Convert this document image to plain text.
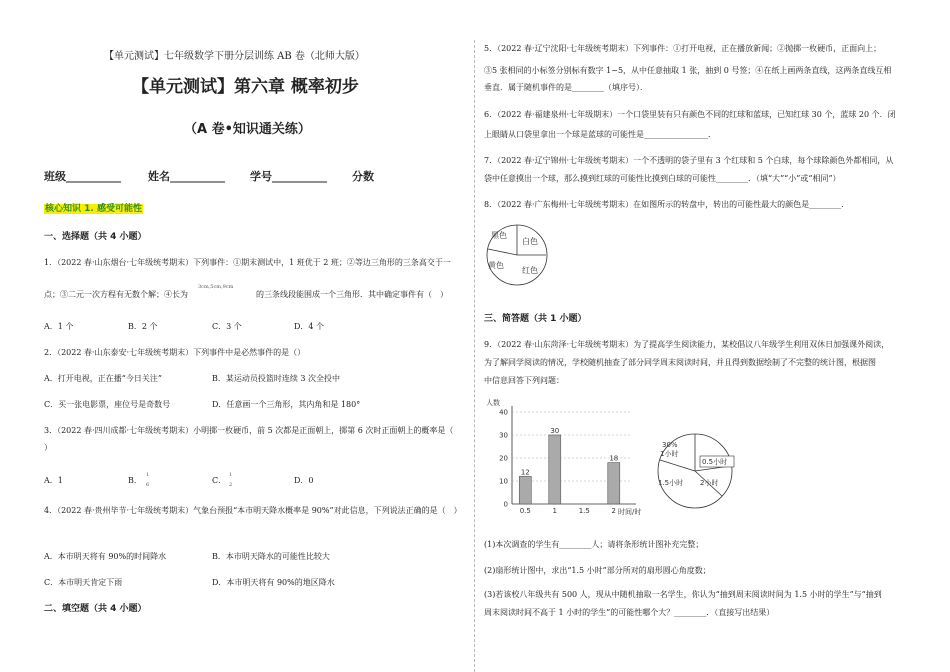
【单元测试】七年级数学下册分层训练 AB 卷（北师大版）
【单元测试】第六章 概率初步
（A 卷•知识通关练）
班级__________ 姓名__________ 学号__________ 分数
核心知识 1. 感受可能性
一、选择题（共 4 小题）
1．（2022 春·山东烟台·七年级统考期末）下列事件：①期末测试中，1 班优于 2 班；②等边三角形的三条高交于一
3cm,5cm,9cm
点；③二元一次方程有无数个解；④长为	的三条线段能围成一个三角形．其中确定事件有（　）
A．1 个	B．2 个	C．3 个	D．4 个
2．（2022 春·山东泰安·七年级统考期末）下列事件中是必然事件的是（）
A．打开电视，正在播“今日关注”	B．某运动员投篮时连续 3 次全投中
C．买一张电影票，座位号是奇数号	D．任意画一个三角形，其内角和是 180°
3．（2022 春·四川成都·七年级统考期末）小明掷一枚硬币，前 5 次都是正面朝上，掷第 6 次时正面朝上的概率是（
）
A．1	B．
1
6	C．
1
2	D．0
4．（2022 春·贵州毕节·七年级统考期末）气象台预报“本市明天降水概率是 90%”对此信息，下列说法正确的是（　）
A．本市明天将有 90%的时间降水	B．本市明天降水的可能性比较大
C．本市明天肯定下雨	D．本市明天将有 90%的地区降水
二、填空题（共 4 小题）
5．（2022 春·辽宁沈阳·七年级统考期末）下列事件：①打开电视，正在播放新闻；②抛掷一枚硬币，正面向上；
③5 张相同的小标签分别标有数字 1~5，从中任意抽取 1 张，抽到 0 号签；④在纸上画两条直线，这两条直线互相
垂直．属于随机事件的是________（填序号）．
6．（2022 春·福建泉州·七年级期末）一个口袋里装有只有颜色不同的红球和蓝球，已知红球 30 个，蓝球 20 个．闭
上眼睛从口袋里拿出一个球是蓝球的可能性是________________．
7．（2022 春·辽宁锦州·七年级统考期末）一个不透明的袋子里有 3 个红球和 5 个白球，每个球除颜色外都相同，从
袋中任意摸出一个球，那么摸到红球的可能性比摸到白球的可能性________．（填“大”“小”或“相同”）
8．（2022 春·广东梅州·七年级统考期末）在如图所示的转盘中，转出的可能性最大的颜色是________．
黑色
白色
黄色
红色
三、简答题（共 1 小题）
9．（2022 春·山东菏泽·七年级统考期末）为了提高学生阅读能力，某校倡议八年级学生利用双休日加强课外阅读，
为了解同学阅读的情况，学校随机抽查了部分同学周末阅读时间，并且得到数据绘制了不完整的统计图，根据图
中信息回答下列问题：
0
10
20
30
40
12
30
18
0.5	1	1.5	2
人数
时间/时
30%
1小时
0.5小时
2小时
1.5小时
(1)本次调查的学生有________人；请将条形统计图补充完整；
(2)扇形统计图中，求出“1.5 小时”部分所对的扇形圆心角度数；
(3)若该校八年级共有 500 人，现从中随机抽取一名学生，你认为“抽到周末阅读时间为 1.5 小时的学生”与“抽到
周末阅读时间不高于 1 小时的学生”的可能性哪个大？________．（直接写出结果）
